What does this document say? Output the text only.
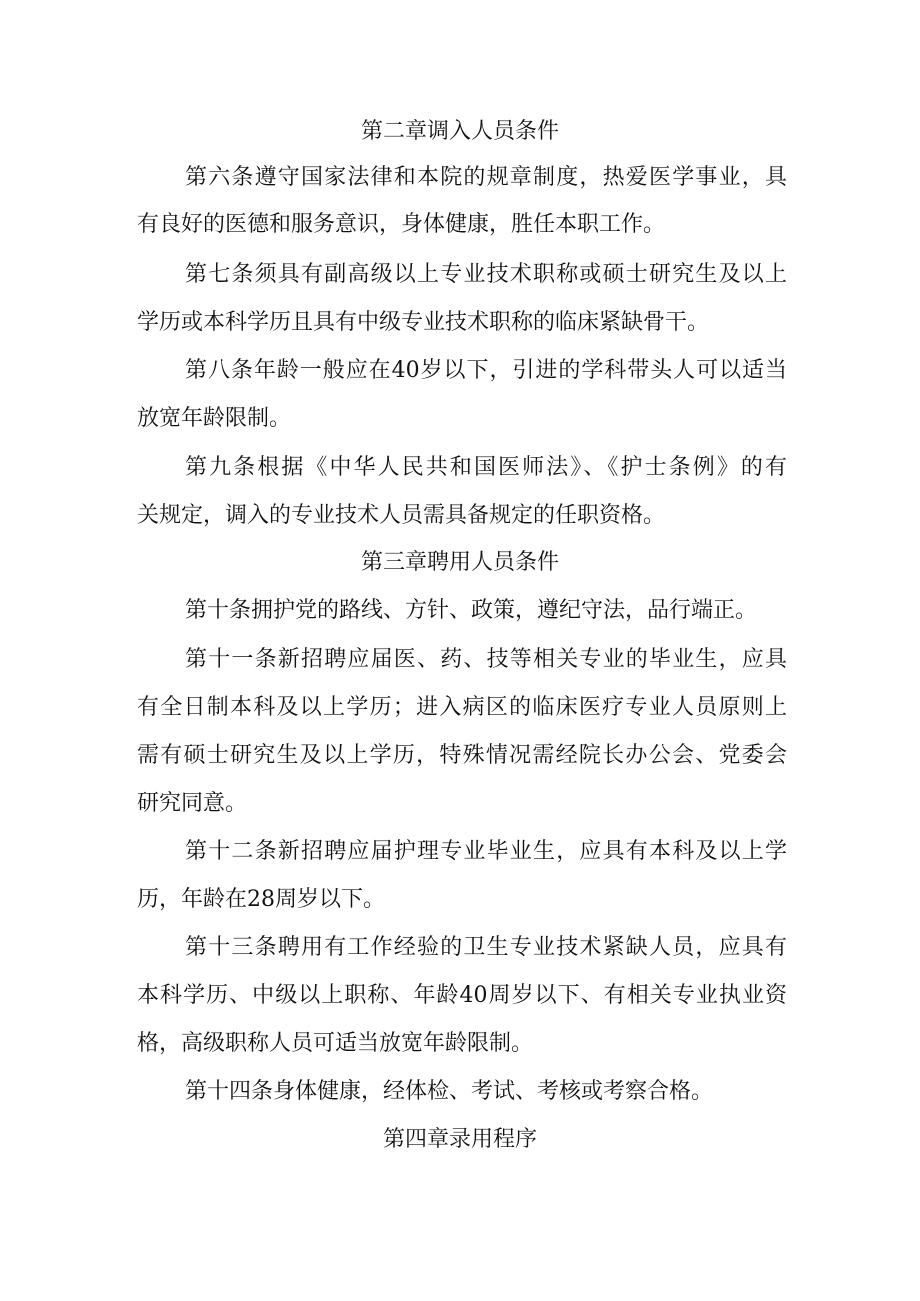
第二章调入人员条件
第六条遵守国家法律和本院的规章制度，热爱医学事业，具
有良好的医德和服务意识，身体健康，胜任本职工作。
第七条须具有副高级以上专业技术职称或硕士研究生及以上
学历或本科学历且具有中级专业技术职称的临床紧缺骨干。
第八条年龄一般应在40岁以下，引进的学科带头人可以适当
放宽年龄限制。
第九条根据《中华人民共和国医师法》、《护士条例》的有
关规定，调入的专业技术人员需具备规定的任职资格。
第三章聘用人员条件
第十条拥护党的路线、方针、政策，遵纪守法，品行端正。
第十一条新招聘应届医、药、技等相关专业的毕业生，应具
有全日制本科及以上学历；进入病区的临床医疗专业人员原则上
需有硕士研究生及以上学历，特殊情况需经院长办公会、党委会
研究同意。
第十二条新招聘应届护理专业毕业生，应具有本科及以上学
历，年龄在28周岁以下。
第十三条聘用有工作经验的卫生专业技术紧缺人员，应具有
本科学历、中级以上职称、年龄40周岁以下、有相关专业执业资
格，高级职称人员可适当放宽年龄限制。
第十四条身体健康，经体检、考试、考核或考察合格。
第四章录用程序
